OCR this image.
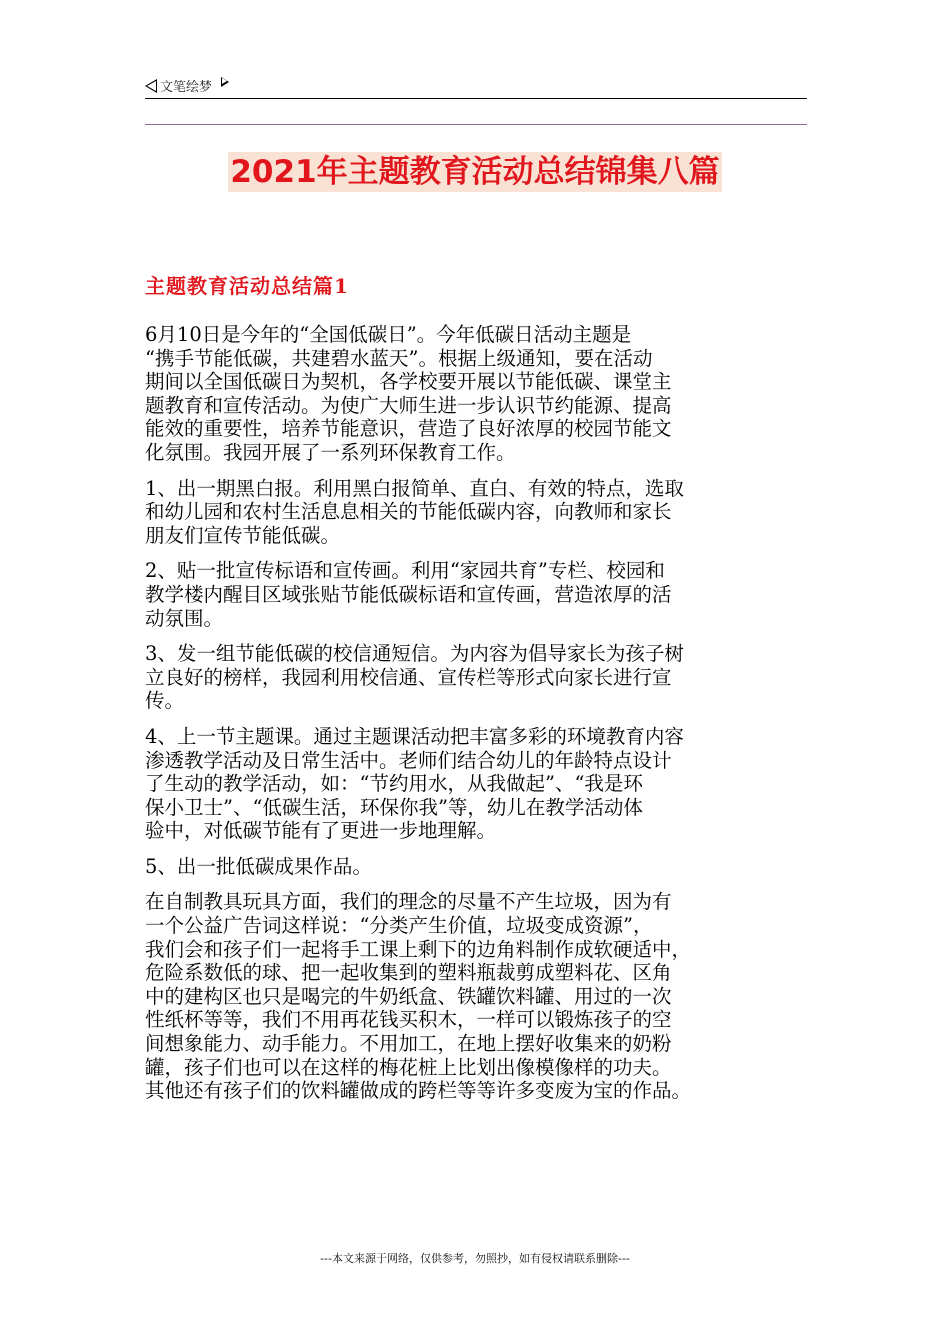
文笔绘梦
2021年主题教育活动总结锦集八篇
主题教育活动总结篇1

6月10日是今年的“全国低碳日”。今年低碳日活动主题是
“携手节能低碳，共建碧水蓝天”。根据上级通知，要在活动
期间以全国低碳日为契机，各学校要开展以节能低碳、课堂主
题教育和宣传活动。为使广大师生进一步认识节约能源、提高
能效的重要性，培养节能意识，营造了良好浓厚的校园节能文
化氛围。我园开展了一系列环保教育工作。

1、出一期黑白报。利用黑白报简单、直白、有效的特点，选取
和幼儿园和农村生活息息相关的节能低碳内容，向教师和家长
朋友们宣传节能低碳。

2、贴一批宣传标语和宣传画。利用“家园共育”专栏、校园和
教学楼内醒目区域张贴节能低碳标语和宣传画，营造浓厚的活
动氛围。

3、发一组节能低碳的校信通短信。为内容为倡导家长为孩子树
立良好的榜样，我园利用校信通、宣传栏等形式向家长进行宣
传。

4、上一节主题课。通过主题课活动把丰富多彩的环境教育内容
渗透教学活动及日常生活中。老师们结合幼儿的年龄特点设计
了生动的教学活动，如：“节约用水，从我做起”、“我是环
保小卫士”、“低碳生活，环保你我”等，幼儿在教学活动体
验中，对低碳节能有了更进一步地理解。

5、出一批低碳成果作品。

在自制教具玩具方面，我们的理念的尽量不产生垃圾，因为有
一个公益广告词这样说：“分类产生价值，垃圾变成资源”，
我们会和孩子们一起将手工课上剩下的边角料制作成软硬适中，
危险系数低的球、把一起收集到的塑料瓶裁剪成塑料花、区角
中的建构区也只是喝完的牛奶纸盒、铁罐饮料罐、用过的一次
性纸杯等等，我们不用再花钱买积木，一样可以锻炼孩子的空
间想象能力、动手能力。不用加工，在地上摆好收集来的奶粉
罐，孩子们也可以在这样的梅花桩上比划出像模像样的功夫。
其他还有孩子们的饮料罐做成的跨栏等等许多变废为宝的作品。

---本文来源于网络，仅供参考，勿照抄，如有侵权请联系删除---
